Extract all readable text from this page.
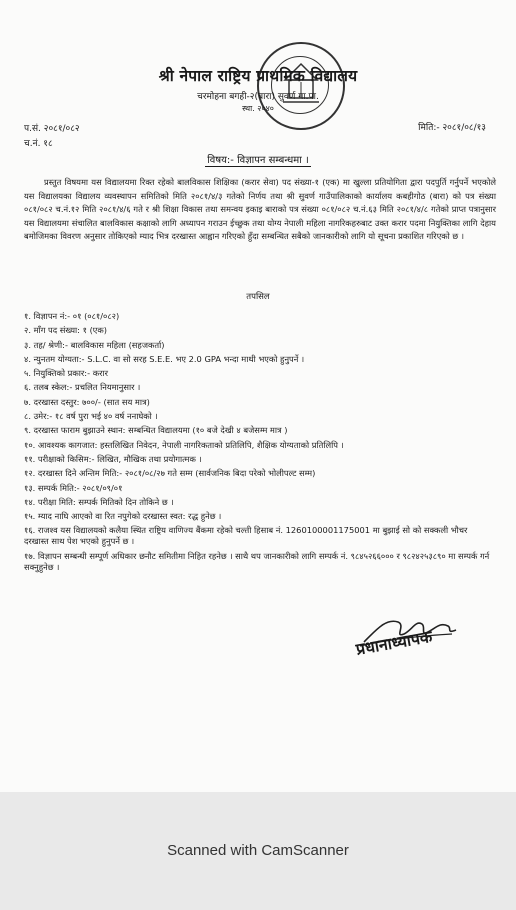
श्री नेपाल राष्ट्रिय प्राथमिक विद्यालय
चरमोहना बगही-२(बारा) सुवर्ण गा.पा.
स्था. २०४०
प.सं. २०८१/०८२
च.नं. १८
मिति:- २०८१/०८/१३
विषय:- विज्ञापन सम्बन्धमा ।

प्रस्तुत विषयमा यस विद्यालयमा रिक्त रहेको बालविकास शिक्षिका (करार सेवा) पद संख्या-१ (एक) मा खुल्ला प्रतियोगिता द्वारा पदपुर्ति गर्नुपर्ने भएकोले यस विद्यालयका विद्यालय व्यवस्थापन समितिको मिति २०८१/४/३ गतेको निर्णय तथा श्री सुवर्ण गाउँपालिकाको कार्यालय कबहीगोठ (बारा) को पत्र संख्या ०८१/०८२ च.नं.१२ मिति २०८१/४/६ गते र श्री शिक्षा विकास तथा समन्वय इकाइ बाराको पत्र संख्या ०८१/०८२ च.नं.६३ मिति २०८१/४/८ गतेको प्राप्त पत्रानुसार यस विद्यालयमा संचालित बालविकास कक्षाको लागि अध्यापन गराउन ईच्छुक तथा योग्य नेपाली महिला नागरिकहरुबाट उक्त करार पदमा नियुक्तिका लागि देहाय बमोजिमका विवरण अनुसार तोकिएको म्याद भित्र दरखास्त आह्वान गरिएको हुँदा सम्बन्धित सबैको जानकारीको लागि यो सूचना प्रकाशित गरिएको छ ।

तपसिल
१. विज्ञापन नं:- ०१ (०८१/०८२)
२. माँग पद संख्या: १ (एक)
३. तह/ श्रेणी:- बालविकास महिला (सहजकर्ता)
४. न्युनतम योग्यता:- S.L.C. वा सो सरह S.E.E. भए 2.0 GPA भन्दा माथी भएको हुनुपर्ने ।
५. नियुक्तिको प्रकार:- करार
६. तलब स्केल:- प्रचलित नियमानुसार ।
७. दरखास्त दस्तुर: ७००/- (सात सय मात्र)
८. उमेर:- १८ वर्ष पुरा भई ४० वर्ष ननाघेको ।
९. दरखास्त फाराम बुझाउने स्थान: सम्बन्धित विद्यालयमा (१० बजे देखी ४ बजेसम्म मात्र )
१०. आवश्यक कागजात: हस्तलिखित निवेदन, नेपाली नागरिकताको प्रतिलिपि, शैक्षिक योग्यताको प्रतिलिपि ।
११. परीक्षाको किसिम:- लिखित, मौखिक तथा प्रयोगात्मक ।
१२. दरखास्त दिने अन्तिम मिति:- २०८१/०८/२७ गते सम्म (सार्वजनिक बिदा परेको भोलीपल्ट सम्म)
१३. सम्पर्क मिति:- २०८१/०९/०१
१४. परीक्षा मिति: सम्पर्क मितिको दिन तोकिने छ ।
१५. म्याद नाघि आएको वा रित नपुगेको दरखास्त स्वत: रद्ध हुनेछ ।
१६. राजश्व यस विद्यालयको कलैया स्थित राष्ट्रिय वाणिज्य बैंकमा रहेको चल्ती हिसाब नं. 1260100001175001 मा बुझाई सो को सक्कली भौचर दरखास्त साथ पेश भएको हुनुपर्ने छ ।
१७. विज्ञापन सम्बन्धी सम्पूर्ण अधिकार छनौट समितीमा निहित रहनेछ । साथै थप जानकारीको लागि सम्पर्क नं. ९८४५२६६००० र ९८२४२५३८९० मा सम्पर्क गर्न सक्नुहुनेछ ।
प्रधानाध्यापक
Scanned with CamScanner
